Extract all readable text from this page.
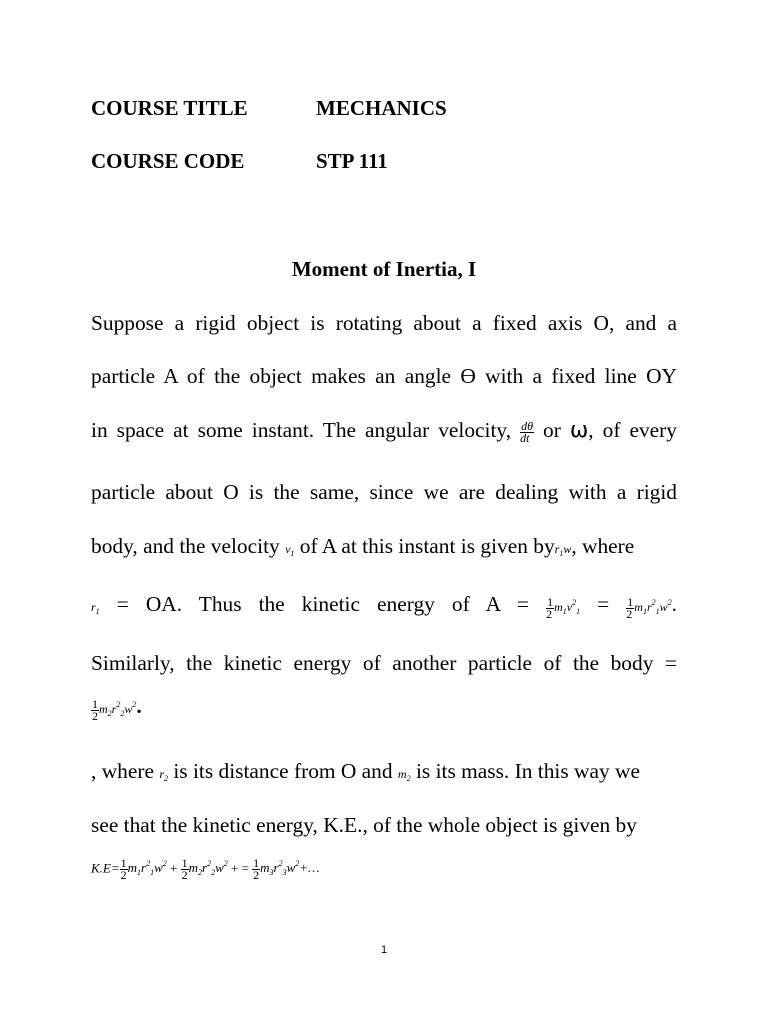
COURSE TITLE	MECHANICS
COURSE CODE	STP 111
Moment of Inertia, I
Suppose a rigid object is rotating about a fixed axis O, and a
particle A of the object makes an angle ϴ with a fixed line OY
in space at some instant. The angular velocity, $\frac{d\theta}{dt}$ or ω, of every
particle about O is the same, since we are dealing with a rigid
body, and the velocity $v_1$ of A at this instant is given byr$_1$w, where
$r_1$ = OA. Thus the kinetic energy of $A = \frac{1}{2} m_1v^2_1 = \frac{1}{2} m_1r^2_1w^2$.
Similarly, the kinetic energy of another particle of the body =
$\frac{1}{2} m_2r^2_2w^2$.
, where $r_2$ is its distance from O and $m_2$ is its mass. In this way we
see that the kinetic energy, K.E., of the whole object is given by
$K.E= \frac{1}{2} m_1r^2_1w^2 + \frac{1}{2} m_2r^2_2w^2$ + = $\frac{1}{2}$ $m_3r^2_3w^2+\dots$
1
